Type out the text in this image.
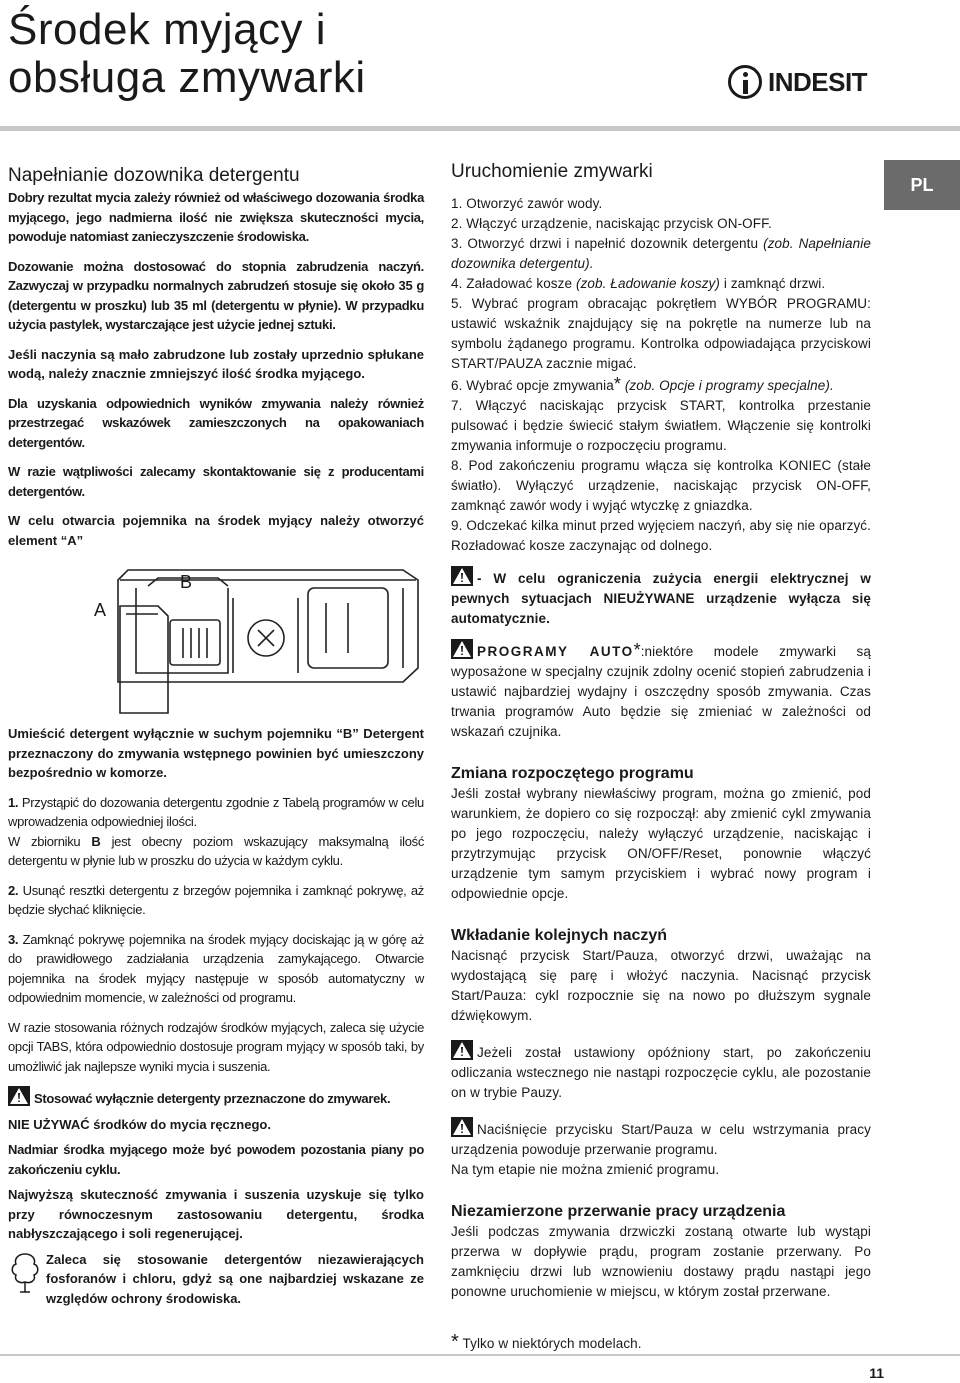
Środek myjący i
obsługa zmywarki	INDESIT
PL
Napełnianie dozownika detergentu

Dobry rezultat mycia zależy również od właściwego dozowania środka myjącego, jego nadmierna ilość nie zwiększa skuteczności mycia, powoduje natomiast zanieczyszczenie środowiska.

Dozowanie można dostosować do stopnia zabrudzenia naczyń. Zazwyczaj w przypadku normalnych zabrudzeń stosuje się około 35 g (detergentu w proszku) lub 35 ml (detergentu w płynie). W przypadku użycia pastylek, wystarczające jest użycie jednej sztuki.

Jeśli naczynia są mało zabrudzone lub zostały uprzednio spłukane wodą, należy znacznie zmniejszyć ilość środka myjącego.

Dla uzyskania odpowiednich wyników zmywania należy również przestrzegać wskazówek zamieszczonych na opakowaniach detergentów.

W razie wątpliwości zalecamy skontaktowanie się z producentami detergentów.

W celu otwarcia pojemnika na środek myjący należy otworzyć element “A”

A
B

Umieścić detergent wyłącznie w suchym pojemniku “B” Detergent przeznaczony do zmywania wstępnego powinien być umieszczony bezpośrednio w komorze.

1. Przystąpić do dozowania detergentu zgodnie z Tabelą programów w celu wprowadzenia odpowiedniej ilości.

W zbiorniku B jest obecny poziom wskazujący maksymalną ilość detergentu w płynie lub w proszku do użycia w każdym cyklu.

2. Usunąć resztki detergentu z brzegów pojemnika i zamknąć pokrywę, aż będzie słychać kliknięcie.

3. Zamknąć pokrywę pojemnika na środek myjący dociskając ją w górę aż do prawidłowego zadziałania urządzenia zamykającego. Otwarcie pojemnika na środek myjący następuje w sposób automatyczny w odpowiednim momencie, w zależności od programu.

W razie stosowania różnych rodzajów środków myjących, zaleca się użycie opcji TABS, która odpowiednio dostosuje program myjący w sposób taki, by umożliwić jak najlepsze wyniki mycia i suszenia.

Stosować wyłącznie detergenty przeznaczone do zmywarek.

NIE UŻYWAĆ środków do mycia ręcznego.

Nadmiar środka myjącego może być powodem pozostania piany po zakończeniu cyklu.

Najwyższą skuteczność zmywania i suszenia uzyskuje się tylko przy równoczesnym zastosowaniu detergentu, środka nabłyszczającego i soli regenerującej.

Zaleca się stosowanie detergentów niezawierających fosforanów i chloru, gdyż są one najbardziej wskazane ze względów ochrony środowiska.

Uruchomienie zmywarki

1. Otworzyć zawór wody.

2. Włączyć urządzenie, naciskając przycisk ON-OFF.

3. Otworzyć drzwi i napełnić dozownik detergentu (zob. Napełnianie dozownika detergentu).

4. Załadować kosze (zob. Ładowanie koszy) i zamknąć drzwi.

5. Wybrać program obracając pokrętłem WYBÓR PROGRAMU: ustawić wskaźnik znajdujący się na pokrętle na numerze lub na symbolu żądanego programu. Kontrolka odpowiadająca przyciskowi START/PAUZA zacznie migać.

6. Wybrać opcje zmywania* (zob. Opcje i programy specjalne).

7. Włączyć naciskając przycisk START, kontrolka przestanie pulsować i będzie świecić stałym światłem. Włączenie się kontrolki zmywania informuje o rozpoczęciu programu.

8. Pod zakończeniu programu włącza się kontrolka KONIEC (stałe światło). Wyłączyć urządzenie, naciskając przycisk ON-OFF, zamknąć zawór wody i wyjąć wtyczkę z gniazdka.

9. Odczekać kilka minut przed wyjęciem naczyń, aby się nie oparzyć. Rozładować kosze zaczynając od dolnego.

- W celu ograniczenia zużycia energii elektrycznej w pewnych sytuacjach NIEUŻYWANE urządzenie wyłącza się automatycznie.

PROGRAMY AUTO*:niektóre modele zmywarki są wyposażone w specjalny czujnik zdolny ocenić stopień zabrudzenia i ustawić najbardziej wydajny i oszczędny sposób zmywania. Czas trwania programów Auto będzie się zmieniać w zależności od wskazań czujnika.

Zmiana rozpoczętego programu

Jeśli został wybrany niewłaściwy program, można go zmienić, pod warunkiem, że dopiero co się rozpoczął: aby zmienić cykl zmywania po jego rozpoczęciu, należy wyłączyć urządzenie, naciskając i przytrzymując przycisk ON/OFF/Reset, ponownie włączyć urządzenie tym samym przyciskiem i wybrać nowy program i odpowiednie opcje.

Wkładanie kolejnych naczyń

Nacisnąć przycisk Start/Pauza, otworzyć drzwi, uważając na wydostającą się parę i włożyć naczynia. Nacisnąć przycisk Start/Pauza: cykl rozpocznie się na nowo po dłuższym sygnale dźwiękowym.

Jeżeli został ustawiony opóźniony start, po zakończeniu odliczania wstecznego nie nastąpi rozpoczęcie cyklu, ale pozostanie on w trybie Pauzy.

Naciśnięcie przycisku Start/Pauza w celu wstrzymania pracy urządzenia powoduje przerwanie programu.

Na tym etapie nie można zmienić programu.

Niezamierzone przerwanie pracy urządzenia

Jeśli podczas zmywania drzwiczki zostaną otwarte lub wystąpi przerwa w dopływie prądu, program zostanie przerwany. Po zamknięciu drzwi lub wznowieniu dostawy prądu nastąpi jego ponowne uruchomienie w miejscu, w którym został przerwane.

* Tylko w niektórych modelach.

11
